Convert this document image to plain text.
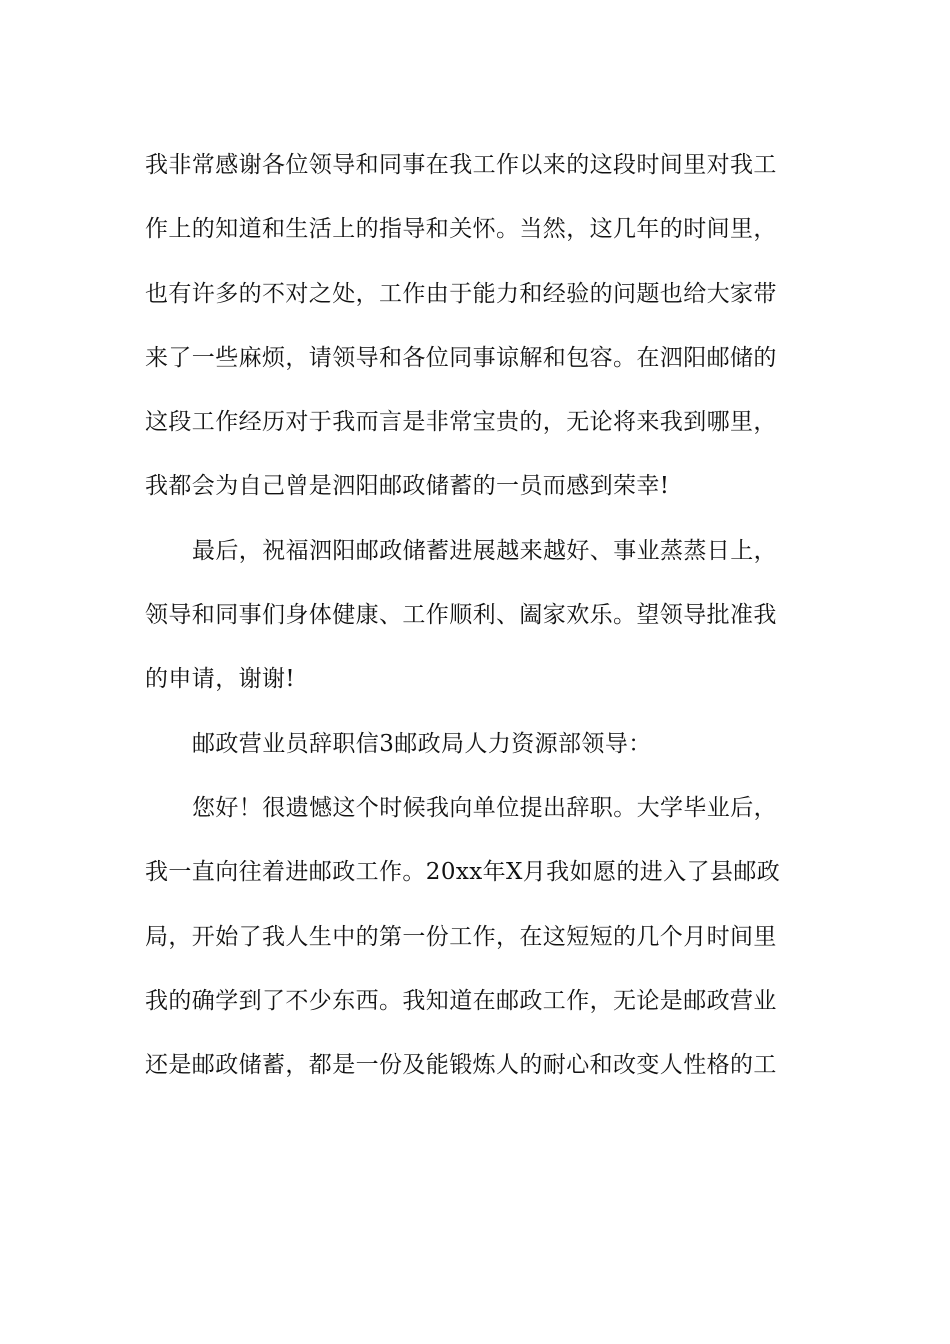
我非常感谢各位领导和同事在我工作以来的这段时间里对我工
作上的知道和生活上的指导和关怀。当然，这几年的时间里，
也有许多的不对之处，工作由于能力和经验的问题也给大家带
来了一些麻烦，请领导和各位同事谅解和包容。在泗阳邮储的
这段工作经历对于我而言是非常宝贵的，无论将来我到哪里，
我都会为自己曾是泗阳邮政储蓄的一员而感到荣幸!
最后，祝福泗阳邮政储蓄进展越来越好、事业蒸蒸日上，
领导和同事们身体健康、工作顺利、阖家欢乐。望领导批准我
的申请，谢谢!
邮政营业员辞职信3邮政局人力资源部领导：
您好！很遗憾这个时候我向单位提出辞职。大学毕业后，
我一直向往着进邮政工作。20xx年X月我如愿的进入了县邮政
局，开始了我人生中的第一份工作，在这短短的几个月时间里
我的确学到了不少东西。我知道在邮政工作，无论是邮政营业
还是邮政储蓄，都是一份及能锻炼人的耐心和改变人性格的工
